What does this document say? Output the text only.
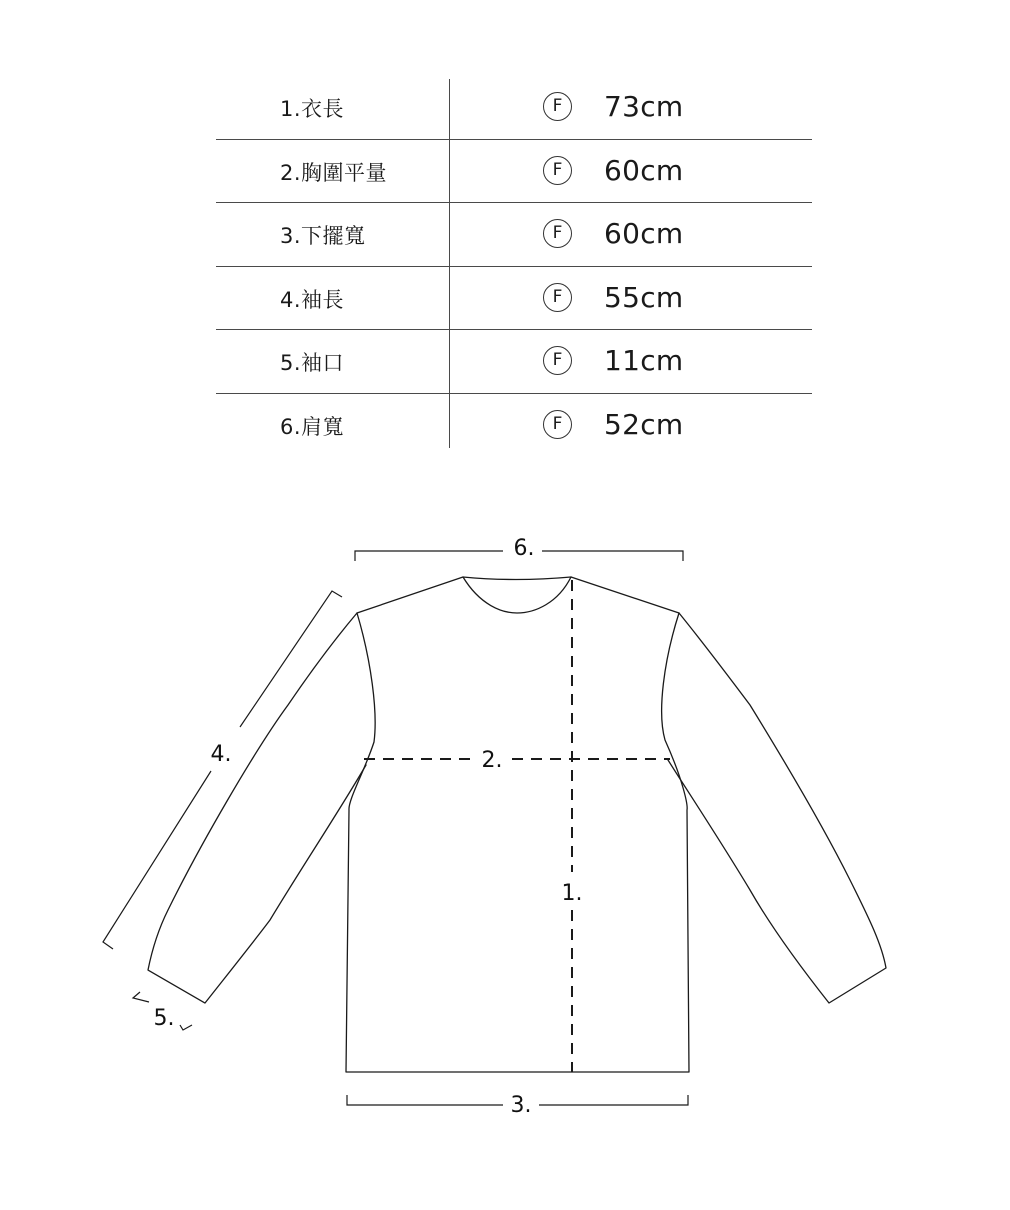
1.衣長	F	73cm
2.胸圍平量	F	60cm
3.下擺寬	F	60cm
4.袖長	F	55cm
5.袖口	F	11cm
6.肩寬	F	52cm
6.
2.
1.
3.
4.
5.
